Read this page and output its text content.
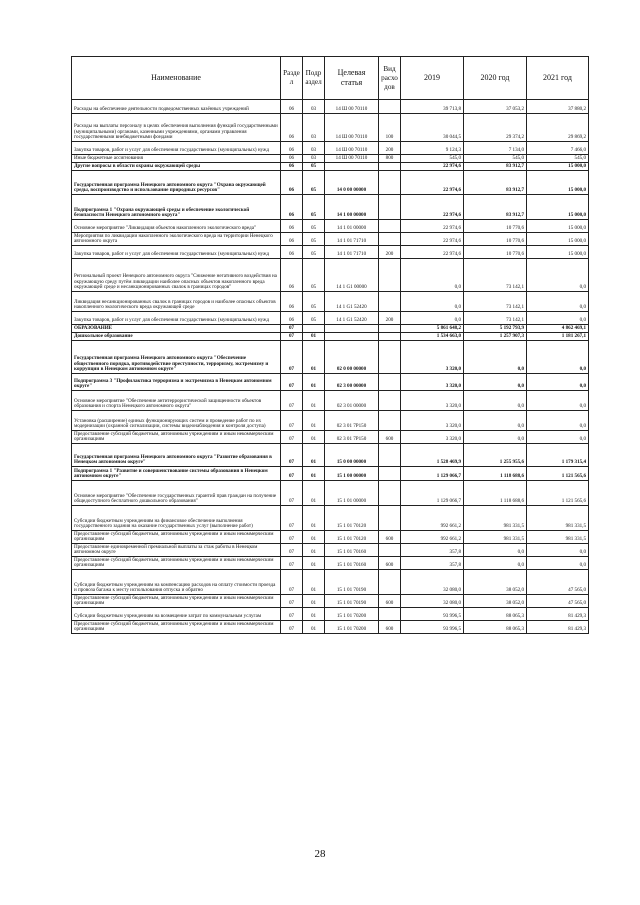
Наименование	Разде л	Подр аздел	Целевая статья	Вид расхо дов	2019	2020 год	2021 год
Расходы на обеспечение деятельности подведомственных казённых учреждений	06	03	14 Ш 00 70110		39 713,8	37 053,2	37 880,2
Расходы на выплаты персоналу в целях обеспечения выполнения функций государственными (муниципальными) органами, казенными учреждениями, органами управления государственными внебюджетными фондами	06	03	14 Ш 00 70110	100	30 044,5	29 374,2	29 869,2
Закупка товаров, работ и услуг для обеспечения государственных (муниципальных) нужд	06	03	14 Ш 00 70110	200	9 124,3	7 134,0	7 466,0
Иные бюджетные ассигнования	06	03	14 Ш 00 70110	800	545,0	545,0	545,0
Другие вопросы в области охраны окружающей среды	06	05			22 974,6	83 912,7	15 000,0
Государственная программа Ненецкого автономного округа "Охрана окружающей среды, воспроизводство и использование природных ресурсов"	06	05	14 0 00 00000		22 974,6	83 912,7	15 000,0
Подпрограмма 1 "Охрана окружающей среды и обеспечение экологической безопасности Ненецкого автономного округа"	06	05	14 1 00 00000		22 974,6	83 912,7	15 000,0
Основное мероприятие "Ликвидация объектов накопленного экологического вреда"	06	05	14 1 01 00000		22 974,6	10 770,6	15 000,0
Мероприятия по ликвидации накопленного экологического вреда на территории Ненецкого автономного округа	06	05	14 1 01 71710		22 974,6	10 770,6	15 000,0
Закупка товаров, работ и услуг для обеспечения государственных (муниципальных) нужд	06	05	14 1 01 71710	200	22 974,6	10 770,6	15 000,0
Региональный проект Ненецкого автономного округа "Снижение негативного воздействия на окружающую среду путём ликвидации наиболее опасных объектов накопленного вреда окружающей среде и несанкционированных свалок в границах городов"	06	05	14 1 G1 00000		0,0	73 142,1	0,0
Ликвидация несанкционированных свалок в границах городов и наиболее опасных объектов накопленного экологического вреда окружающей среде	06	05	14 1 G1 52420		0,0	73 142,1	0,0
Закупка товаров, работ и услуг для обеспечения государственных (муниципальных) нужд	06	05	14 1 G1 52420	200	0,0	73 142,1	0,0
ОБРАЗОВАНИЕ	07				5 861 648,2	5 192 793,9	4 862 469,1
Дошкольное образование	07	01			1 534 663,0	1 257 907,3	1 181 267,1
Государственная программа Ненецкого автономного округа "Обеспечение общественного порядка, противодействие преступности, терроризму, экстремизму и коррупции в Ненецком автономном округе"	07	01	02 0 00 00000		3 320,0	0,0	0,0
Подпрограмма 3 "Профилактика терроризма и экстремизма в Ненецком автономном округе"	07	01	02 3 00 00000		3 320,0	0,0	0,0
Основное мероприятие "Обеспечение антитеррористической защищенности объектов образования и спорта Ненецкого автономного округа"	07	01	02 3 01 00000		3 320,0	0,0	0,0
Установка (расширение) единых функционирующих систем и проведение работ по их модернизации (охранной сигнализации, системы видеонаблюдения и контроля доступа)	07	01	02 3 01 7Р150		3 320,0	0,0	0,0
Предоставление субсидий бюджетным, автономным учреждениям и иным некоммерческим организациям	07	01	02 3 01 7Р150	600	3 320,0	0,0	0,0
Государственная программа Ненецкого автономного округа "Развитие образования в Ненецком автономном округе"	07	01	15 0 00 00000		1 528 469,9	1 255 955,6	1 179 315,4
Подпрограмма 1 "Развитие и совершенствование системы образования в Ненецком автономном округе"	07	01	15 1 00 00000		1 129 066,7	1 118 688,6	1 121 565,6
Основное мероприятие "Обеспечение государственных гарантий прав граждан на получение общедоступного бесплатного дошкольного образования"	07	01	15 1 01 00000		1 129 066,7	1 118 688,6	1 121 565,6
Субсидии бюджетным учреждениям на финансовое обеспечение выполнения государственного задания на оказание государственных услуг (выполнение работ)	07	01	15 1 01 70120		992 661,2	981 331,5	981 331,5
Предоставление субсидий бюджетным, автономным учреждениям и иным некоммерческим организациям	07	01	15 1 01 70120	600	992 661,2	981 331,5	981 331,5
Предоставление единовременной премиальной выплаты за стаж работы в Ненецком автономном округе	07	01	15 1 01 70160		357,8	0,0	0,0
Предоставление субсидий бюджетным, автономным учреждениям и иным некоммерческим организациям	07	01	15 1 01 70160	600	357,8	0,0	0,0
Субсидии бюджетным учреждениям на компенсацию расходов на оплату стоимости проезда и провоза багажа к месту использования отпуска и обратно	07	01	15 1 01 70190		32 080,0	38 052,0	47 565,0
Предоставление субсидий бюджетным, автономным учреждениям и иным некоммерческим организациям	07	01	15 1 01 70190	600	32 080,0	38 052,0	47 565,0
Субсидии бюджетным учреждениям на возмещение затрат по коммунальным услугам	07	01	15 1 01 70200		93 996,5	88 065,3	81 429,3
Предоставление субсидий бюджетным, автономным учреждениям и иным некоммерческим организациям	07	01	15 1 01 70200	600	93 996,5	88 065,3	81 429,3
28
